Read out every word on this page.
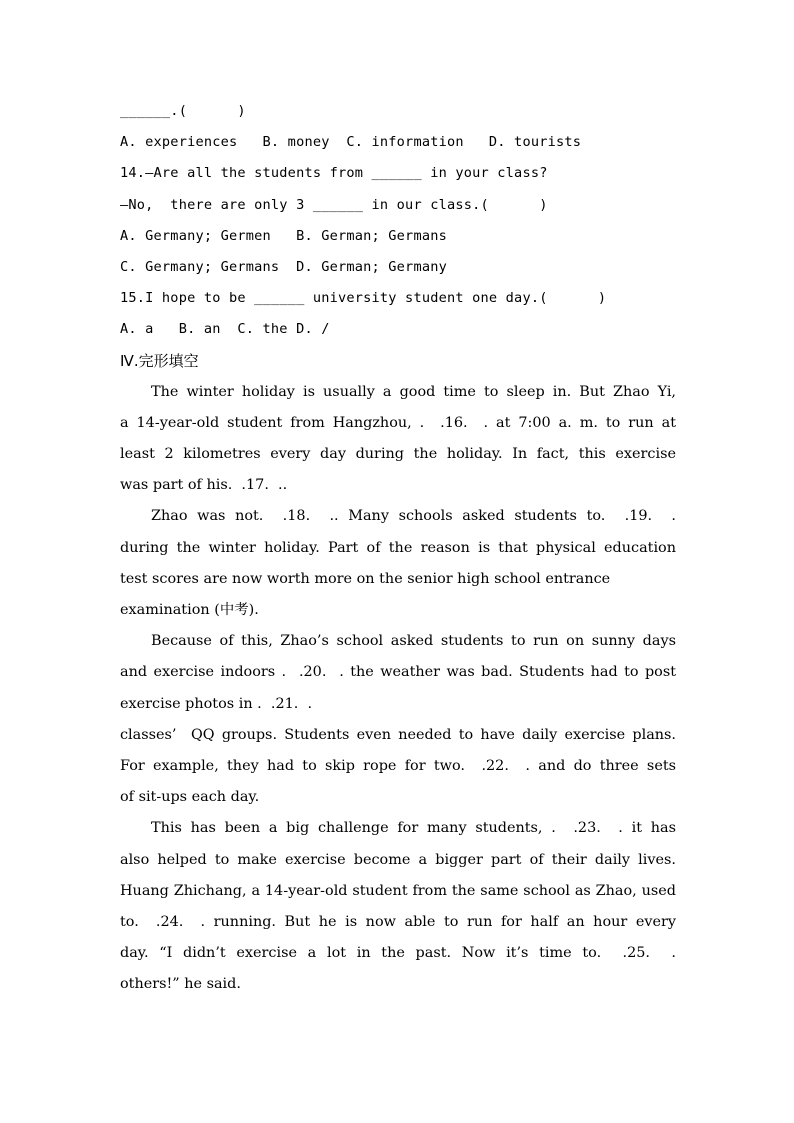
______.(      )
A. experiences   B. money  C. information   D. tourists
14.—Are all the students from ______ in your class?
—No,  there are only 3 ______ in our class.(      )
A. Germany; Germen   B. German; Germans
C. Germany; Germans  D. German; Germany
15.I hope to be ______ university student one day.(      )
A. a   B. an  C. the D. /
Ⅳ.完形填空
The winter holiday is usually a good time to sleep in. But Zhao Yi,
a 14-year-old student from Hangzhou, .  .16.  . at 7:00 a. m. to run at
least 2 kilometres every day during the holiday. In fact, this exercise
was part of his.  .17.  ..
Zhao was not.  .18.  .. Many schools asked students to.  .19.  .
during the winter holiday. Part of the reason is that physical education
test scores are now worth more on the senior high school entrance
examination (中考).
Because of this, Zhao’s school asked students to run on sunny days
and exercise indoors .  .20.  . the weather was bad. Students had to post
exercise photos in .  .21.  .
classes’  QQ groups. Students even needed to have daily exercise plans.
For example, they had to skip rope for two.  .22.  . and do three sets
of sit-ups each day.
This has been a big challenge for many students, .  .23.  . it has
also helped to make exercise become a bigger part of their daily lives.
Huang Zhichang, a 14-year-old student from the same school as Zhao, used
to.  .24.  . running. But he is now able to run for half an hour every
day. “I didn’t exercise a lot in the past. Now it’s time to.  .25.  .
others!” he said.
